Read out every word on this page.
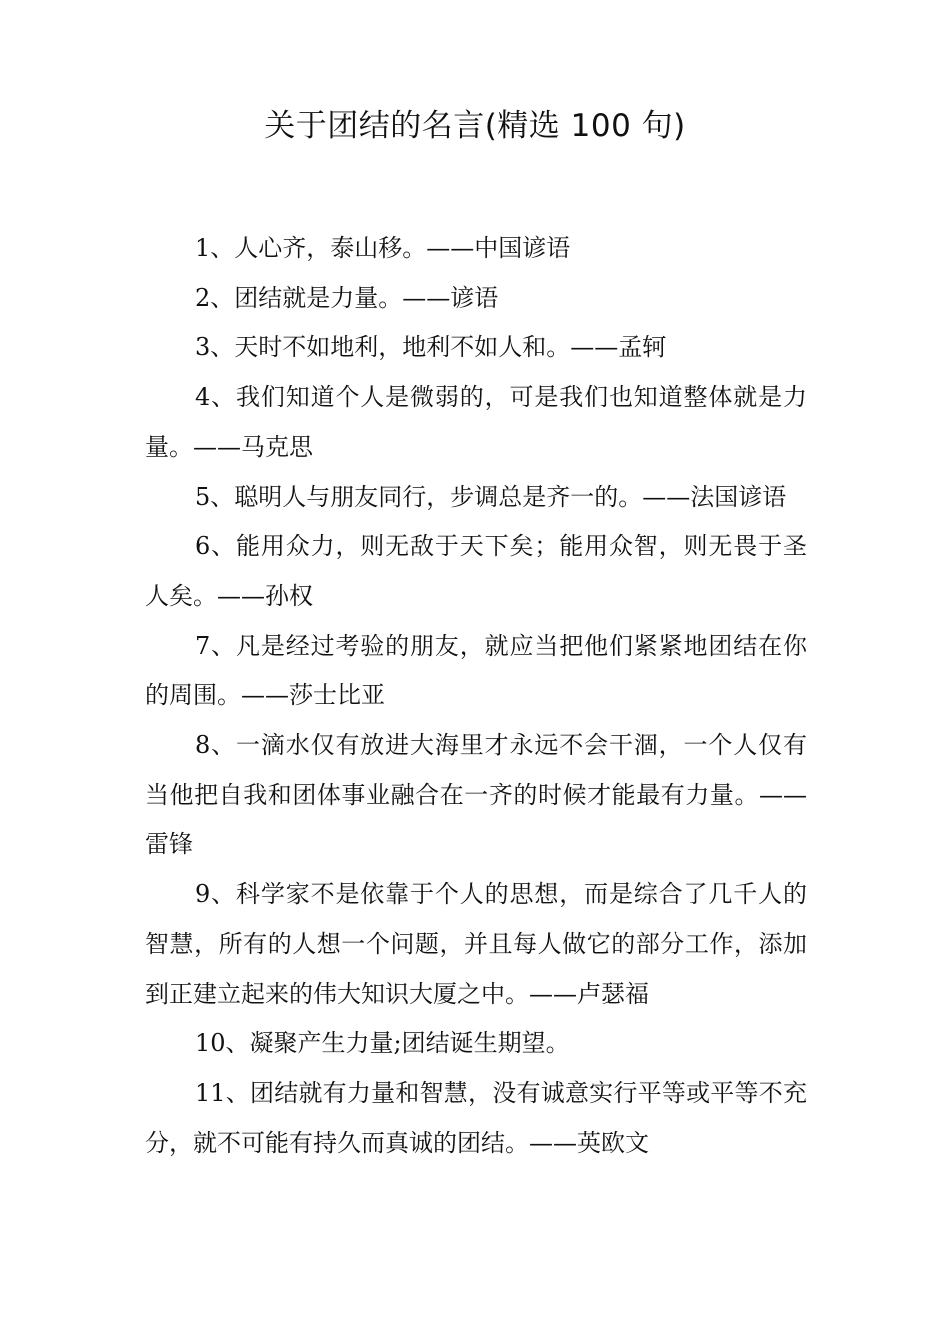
关于团结的名言(精选 100 句)

1、人心齐，泰山移。——中国谚语

2、团结就是力量。——谚语

3、天时不如地利，地利不如人和。——孟轲

4、我们知道个人是微弱的，可是我们也知道整体就是力量。——马克思

5、聪明人与朋友同行，步调总是齐一的。——法国谚语

6、能用众力，则无敌于天下矣；能用众智，则无畏于圣人矣。——孙权

7、凡是经过考验的朋友，就应当把他们紧紧地团结在你的周围。——莎士比亚

8、一滴水仅有放进大海里才永远不会干涸，一个人仅有当他把自我和团体事业融合在一齐的时候才能最有力量。——雷锋

9、科学家不是依靠于个人的思想，而是综合了几千人的智慧，所有的人想一个问题，并且每人做它的部分工作，添加到正建立起来的伟大知识大厦之中。——卢瑟福

10、凝聚产生力量;团结诞生期望。

11、团结就有力量和智慧，没有诚意实行平等或平等不充分，就不可能有持久而真诚的团结。——英欧文
